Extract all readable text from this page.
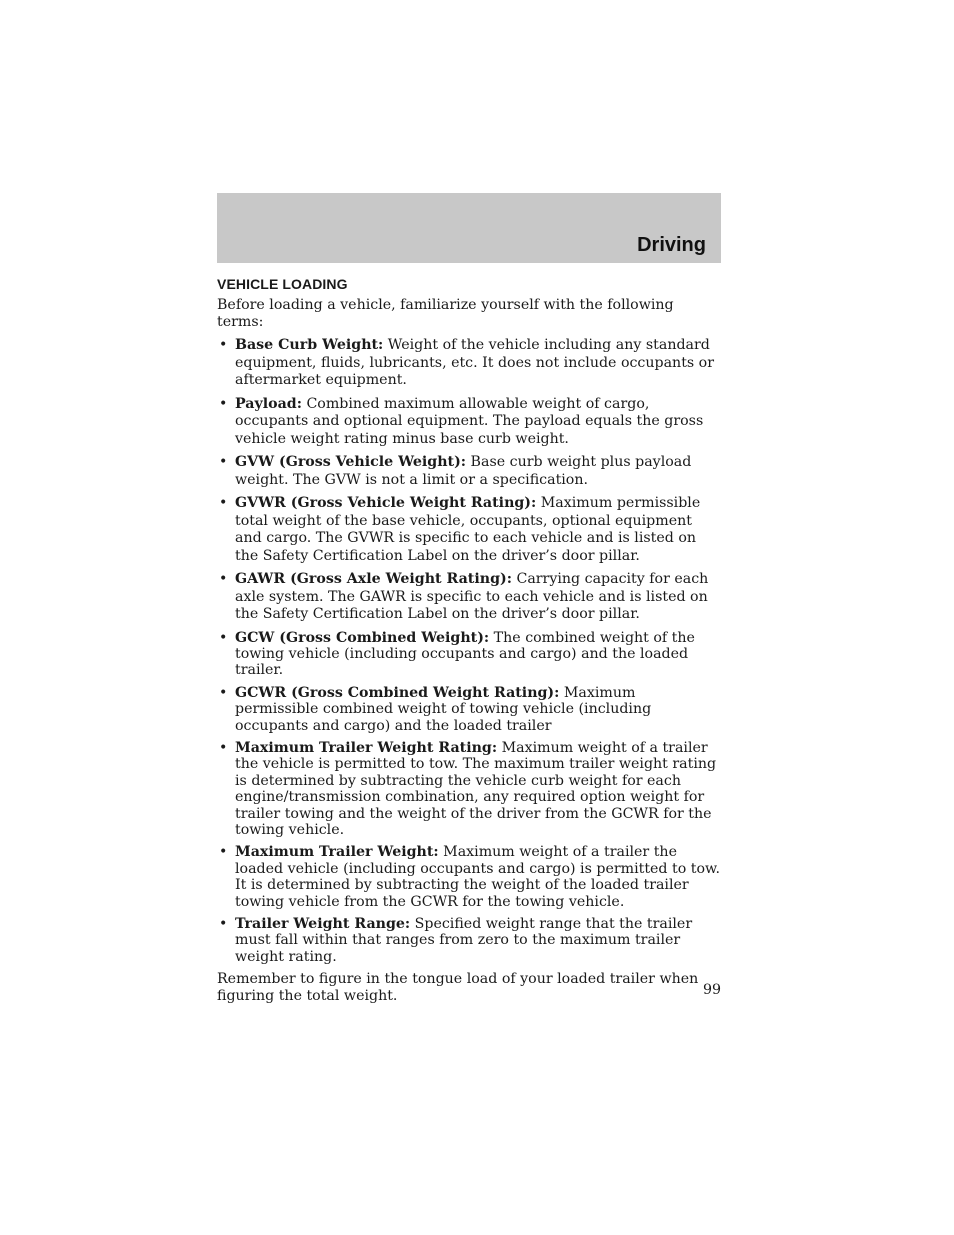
Driving
VEHICLE LOADING

Before loading a vehicle, familiarize yourself with the following terms:

• Base Curb Weight: Weight of the vehicle including any standard equipment, fluids, lubricants, etc. It does not include occupants or aftermarket equipment.
• Payload: Combined maximum allowable weight of cargo, occupants and optional equipment. The payload equals the gross vehicle weight rating minus base curb weight.
• GVW (Gross Vehicle Weight): Base curb weight plus payload weight. The GVW is not a limit or a specification.
• GVWR (Gross Vehicle Weight Rating): Maximum permissible total weight of the base vehicle, occupants, optional equipment and cargo. The GVWR is specific to each vehicle and is listed on the Safety Certification Label on the driver’s door pillar.
• GAWR (Gross Axle Weight Rating): Carrying capacity for each axle system. The GAWR is specific to each vehicle and is listed on the Safety Certification Label on the driver’s door pillar.
• GCW (Gross Combined Weight): The combined weight of the towing vehicle (including occupants and cargo) and the loaded trailer.
• GCWR (Gross Combined Weight Rating): Maximum permissible combined weight of towing vehicle (including occupants and cargo) and the loaded trailer
• Maximum Trailer Weight Rating: Maximum weight of a trailer the vehicle is permitted to tow. The maximum trailer weight rating is determined by subtracting the vehicle curb weight for each engine/transmission combination, any required option weight for trailer towing and the weight of the driver from the GCWR for the towing vehicle.
• Maximum Trailer Weight: Maximum weight of a trailer the loaded vehicle (including occupants and cargo) is permitted to tow. It is determined by subtracting the weight of the loaded trailer towing vehicle from the GCWR for the towing vehicle.
• Trailer Weight Range: Specified weight range that the trailer must fall within that ranges from zero to the maximum trailer weight rating.

Remember to figure in the tongue load of your loaded trailer when figuring the total weight.	99
